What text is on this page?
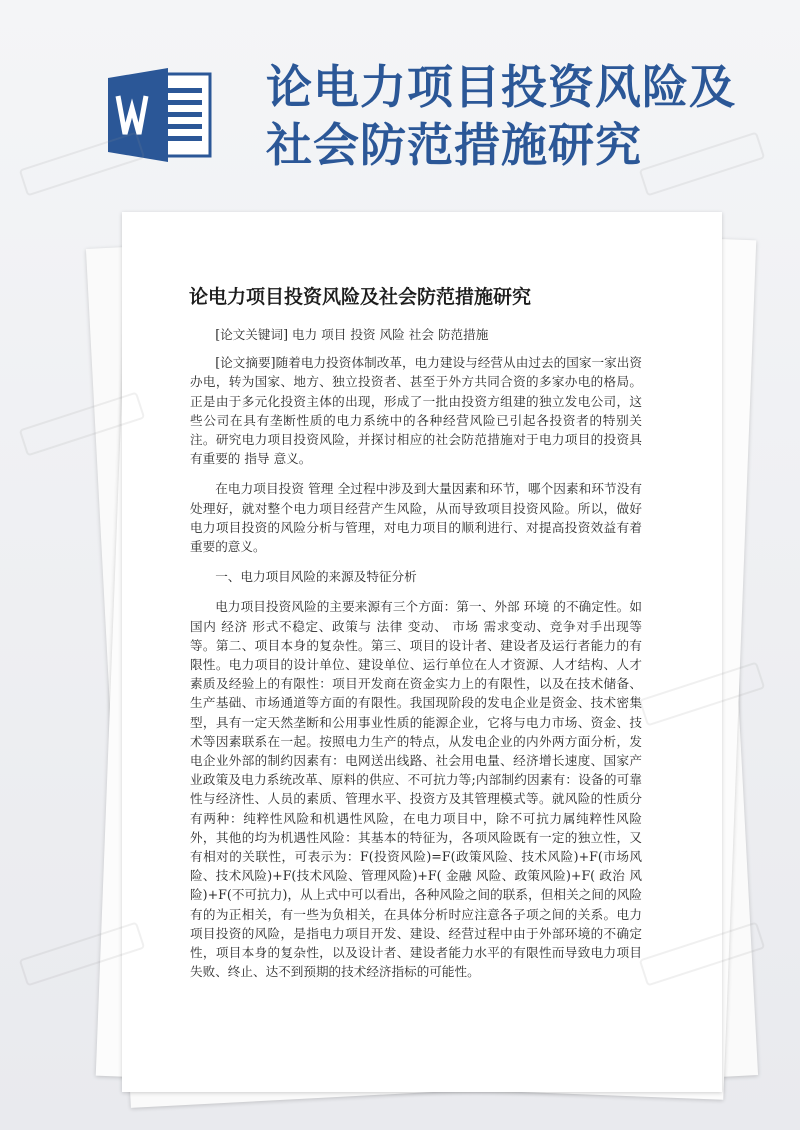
论电力项目投资风险及
社会防范措施研究
论电力项目投资风险及社会防范措施研究

[论文关键词] 电力 项目 投资 风险 社会 防范措施

[论文摘要]随着电力投资体制改革，电力建设与经营从由过去的国家一家出资办电，转为国家、地方、独立投资者、甚至于外方共同合资的多家办电的格局。正是由于多元化投资主体的出现，形成了一批由投资方组建的独立发电公司，这些公司在具有垄断性质的电力系统中的各种经营风险已引起各投资者的特别关注。研究电力项目投资风险，并探讨相应的社会防范措施对于电力项目的投资具有重要的 指导 意义。

在电力项目投资 管理 全过程中涉及到大量因素和环节，哪个因素和环节没有处理好，就对整个电力项目经营产生风险，从而导致项目投资风险。所以，做好电力项目投资的风险分析与管理，对电力项目的顺利进行、对提高投资效益有着重要的意义。

一、电力项目风险的来源及特征分析

电力项目投资风险的主要来源有三个方面：第一、外部 环境 的不确定性。如国内 经济 形式不稳定、政策与 法律 变动、 市场 需求变动、竞争对手出现等等。第二、项目本身的复杂性。第三、项目的设计者、建设者及运行者能力的有限性。电力项目的设计单位、建设单位、运行单位在人才资源、人才结构、人才素质及经验上的有限性：项目开发商在资金实力上的有限性，以及在技术储备、生产基础、市场通道等方面的有限性。我国现阶段的发电企业是资金、技术密集型，具有一定天然垄断和公用事业性质的能源企业，它将与电力市场、资金、技术等因素联系在一起。按照电力生产的特点，从发电企业的内外两方面分析，发电企业外部的制约因素有：电网送出线路、社会用电量、经济增长速度、国家产业政策及电力系统改革、原料的供应、不可抗力等;内部制约因素有：设备的可靠性与经济性、人员的素质、管理水平、投资方及其管理模式等。就风险的性质分有两种：纯粹性风险和机遇性风险，在电力项目中，除不可抗力属纯粹性风险外，其他的均为机遇性风险：其基本的特征为，各项风险既有一定的独立性，又有相对的关联性，可表示为：F(投资风险)=F(政策风险、技术风险)+F(市场风险、技术风险)+F(技术风险、管理风险)+F( 金融 风险、政策风险)+F( 政治 风险)+F(不可抗力)，从上式中可以看出，各种风险之间的联系，但相关之间的风险有的为正相关，有一些为负相关，在具体分析时应注意各子项之间的关系。电力项目投资的风险，是指电力项目开发、建设、经营过程中由于外部环境的不确定性，项目本身的复杂性，以及设计者、建设者能力水平的有限性而导致电力项目失败、终止、达不到预期的技术经济指标的可能性。
